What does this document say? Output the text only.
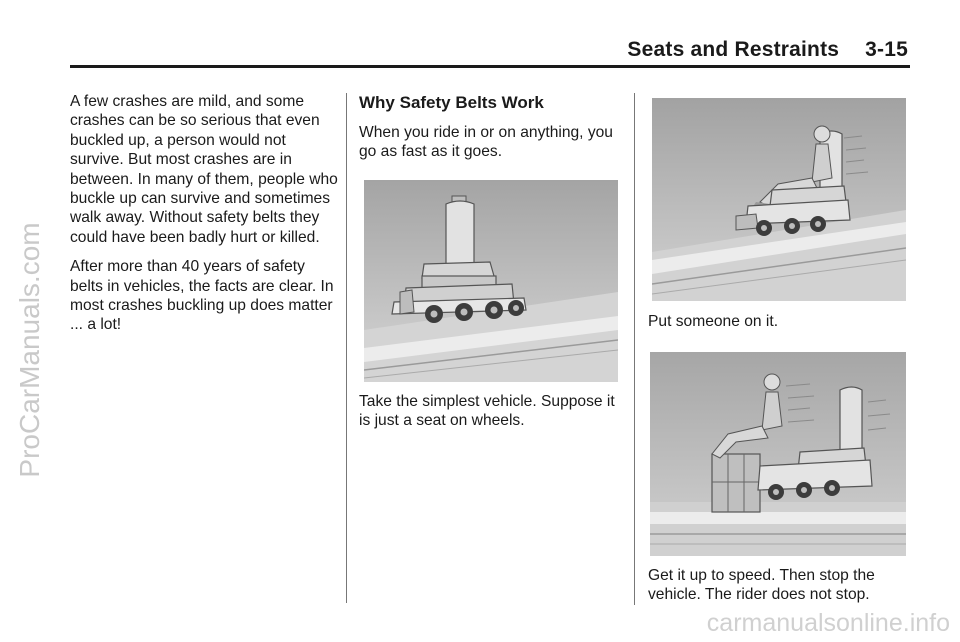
Seats and Restraints 3-15

A few crashes are mild, and some crashes can be so serious that even buckled up, a person would not survive. But most crashes are in between. In many of them, people who buckle up can survive and sometimes walk away. Without safety belts they could have been badly hurt or killed.

After more than 40 years of safety belts in vehicles, the facts are clear. In most crashes buckling up does matter ... a lot!

Why Safety Belts Work

When you ride in or on anything, you go as fast as it goes.

Take the simplest vehicle. Suppose it is just a seat on wheels.

Put someone on it.

Get it up to speed. Then stop the vehicle. The rider does not stop.

ProCarManuals.com
carmanualsonline.info
